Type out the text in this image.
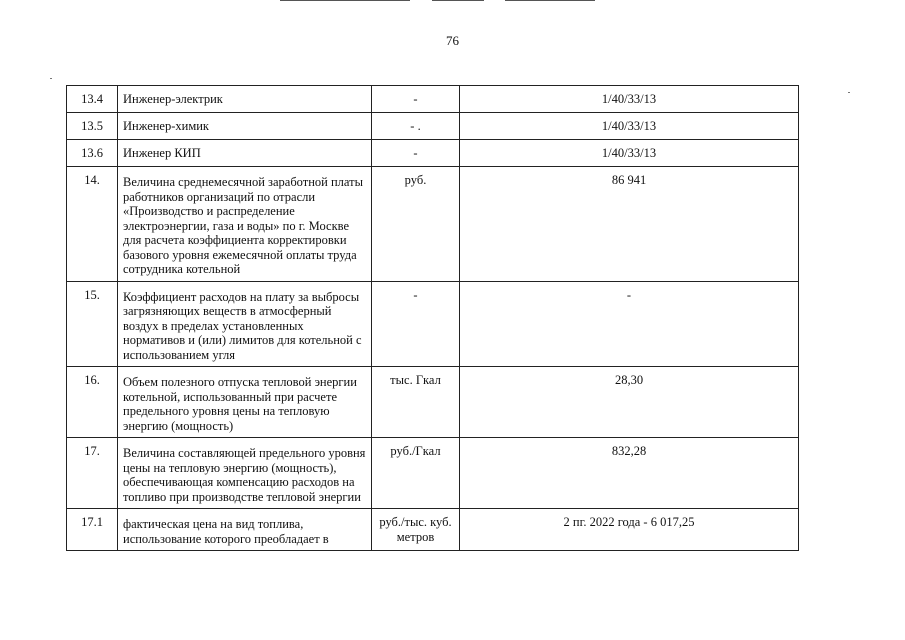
76
13.4	Инженер-электрик	-	1/40/33/13
13.5	Инженер-химик	- .	1/40/33/13
13.6	Инженер КИП	-	1/40/33/13
14.	Величина среднемесячной заработной платы работников организаций по отрасли «Производство и распределение электроэнергии, газа и воды» по г. Москве для расчета коэффициента корректировки базового уровня ежемесячной оплаты труда сотрудника котельной	руб.	86 941
15.	Коэффициент расходов на плату за выбросы загрязняющих веществ в атмосферный воздух в пределах установленных нормативов и (или) лимитов для котельной с использованием угля	-	-
16.	Объем полезного отпуска тепловой энергии котельной, использованный при расчете предельного уровня цены на тепловую энергию (мощность)	тыс. Гкал	28,30
17.	Величина составляющей предельного уровня цены на тепловую энергию (мощность), обеспечивающая компенсацию расходов на топливо при производстве тепловой энергии	руб./Гкал	832,28
17.1	фактическая цена на вид топлива, использование которого преобладает в	руб./тыс. куб. метров	2 пг. 2022 года - 6 017,25
